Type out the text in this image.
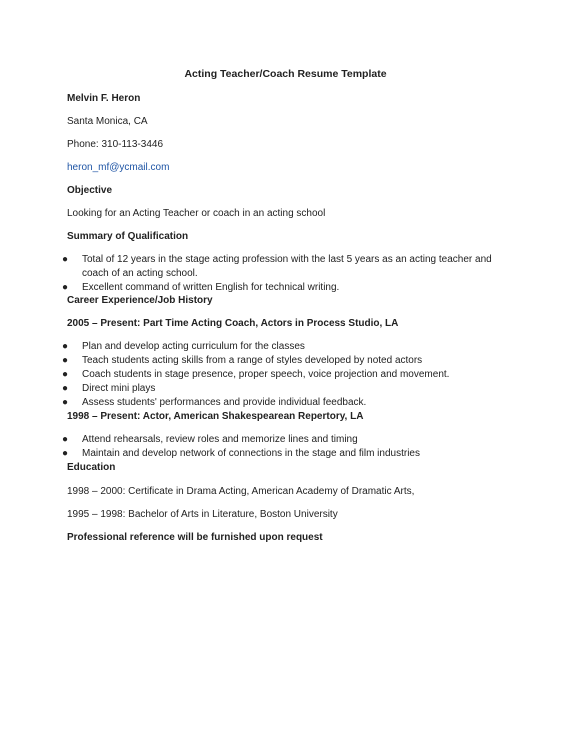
Acting Teacher/Coach Resume Template
Melvin F. Heron
Santa Monica, CA
Phone: 310-113-3446
heron_mf@ycmail.com
Objective
Looking for an Acting Teacher or coach in an acting school
Summary of Qualification
● Total of 12 years in the stage acting profession with the last 5 years as an acting teacher and coach of an acting school.
● Excellent command of written English for technical writing.
Career Experience/Job History
2005 – Present: Part Time Acting Coach, Actors in Process Studio, LA
● Plan and develop acting curriculum for the classes
● Teach students acting skills from a range of styles developed by noted actors
● Coach students in stage presence, proper speech, voice projection and movement.
● Direct mini plays
● Assess students' performances and provide individual feedback.
1998 – Present: Actor, American Shakespearean Repertory, LA
● Attend rehearsals, review roles and memorize lines and timing
● Maintain and develop network of connections in the stage and film industries
Education
1998 – 2000: Certificate in Drama Acting, American Academy of Dramatic Arts,
1995 – 1998: Bachelor of Arts in Literature, Boston University
Professional reference will be furnished upon request
